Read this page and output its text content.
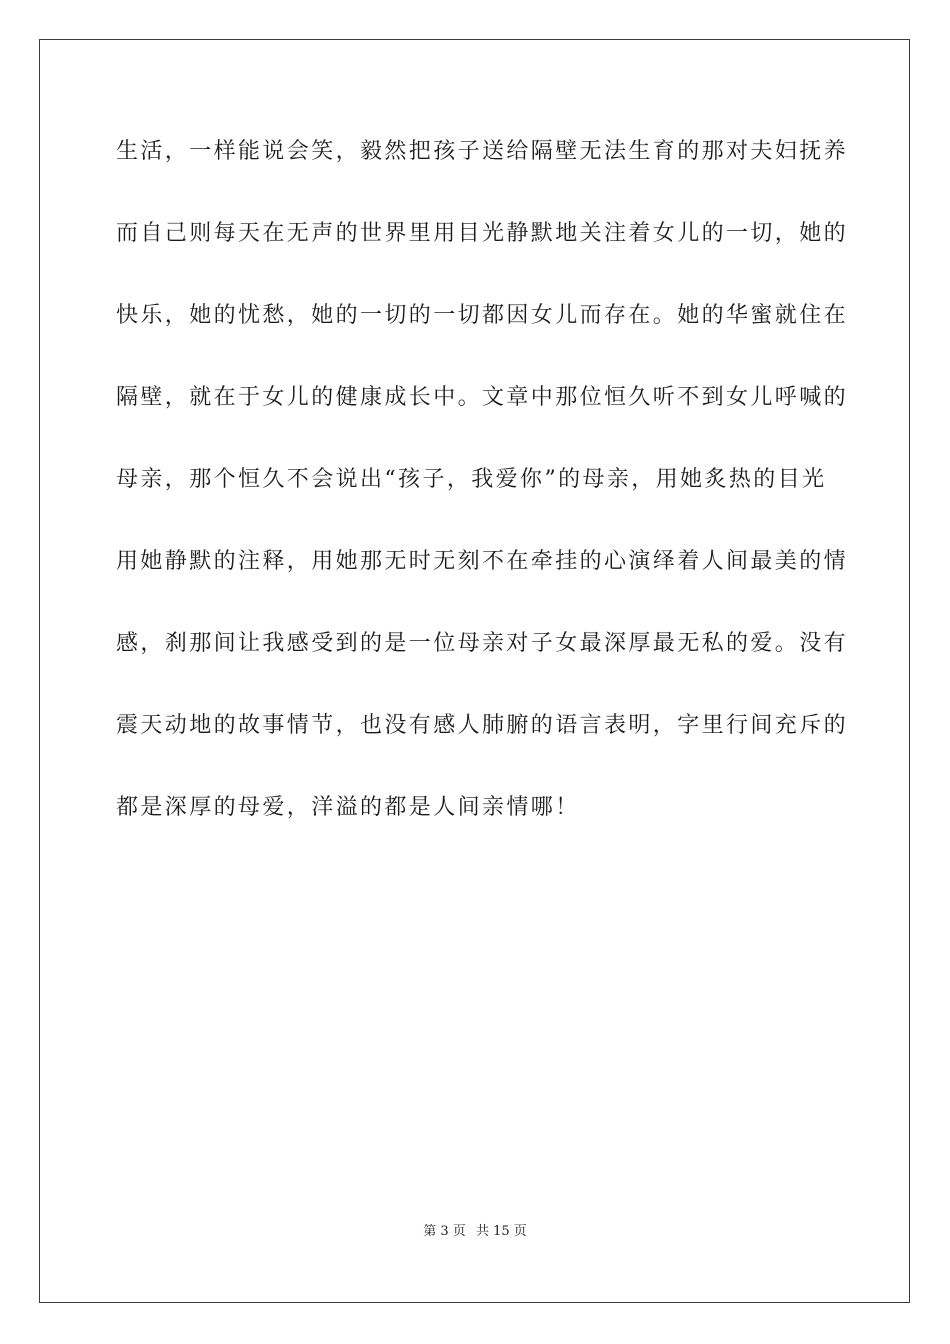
生活，一样能说会笑，毅然把孩子送给隔壁无法生育的那对夫妇抚养
而自己则每天在无声的世界里用目光静默地关注着女儿的一切，她的
快乐，她的忧愁，她的一切的一切都因女儿而存在。她的华蜜就住在
隔壁，就在于女儿的健康成长中。文章中那位恒久听不到女儿呼喊的
母亲，那个恒久不会说出“孩子，我爱你”的母亲，用她炙热的目光
用她静默的注释，用她那无时无刻不在牵挂的心演绎着人间最美的情
感，刹那间让我感受到的是一位母亲对子女最深厚最无私的爱。没有
震天动地的故事情节，也没有感人肺腑的语言表明，字里行间充斥的
都是深厚的母爱，洋溢的都是人间亲情哪！
第 3 页 共 15 页
